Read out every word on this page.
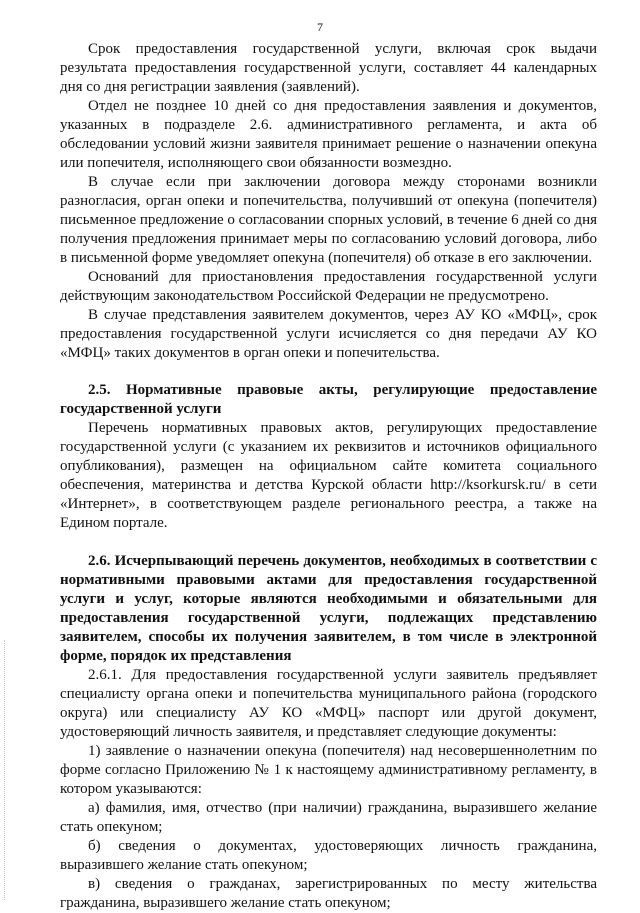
7

Срок предоставления государственной услуги, включая срок выдачи результата предоставления государственной услуги, составляет 44 календарных дня со дня регистрации заявления (заявлений).

Отдел не позднее 10 дней со дня предоставления заявления и документов, указанных в подразделе 2.6. административного регламента, и акта об обследовании условий жизни заявителя принимает решение о назначении опекуна или попечителя, исполняющего свои обязанности возмездно.

В случае если при заключении договора между сторонами возникли разногласия, орган опеки и попечительства, получивший от опекуна (попечителя) письменное предложение о согласовании спорных условий, в течение 6 дней со дня получения предложения принимает меры по согласованию условий договора, либо в письменной форме уведомляет опекуна (попечителя) об отказе в его заключении.

Оснований для приостановления предоставления государственной услуги действующим законодательством Российской Федерации не предусмотрено.

В случае представления заявителем документов, через АУ КО «МФЦ», срок предоставления государственной услуги исчисляется со дня передачи АУ КО «МФЦ» таких документов в орган опеки и попечительства.

2.5. Нормативные правовые акты, регулирующие предоставление государственной услуги

Перечень нормативных правовых актов, регулирующих предоставление государственной услуги (с указанием их реквизитов и источников официального опубликования), размещен на официальном сайте комитета социального обеспечения, материнства и детства Курской области http://ksorkursk.ru/ в сети «Интернет», в соответствующем разделе регионального реестра, а также на Едином портале.

2.6. Исчерпывающий перечень документов, необходимых в соответствии с нормативными правовыми актами для предоставления государственной услуги и услуг, которые являются необходимыми и обязательными для предоставления государственной услуги, подлежащих представлению заявителем, способы их получения заявителем, в том числе в электронной форме, порядок их представления

2.6.1. Для предоставления государственной услуги заявитель предъявляет специалисту органа опеки и попечительства муниципального района (городского округа) или специалисту АУ КО «МФЦ» паспорт или другой документ, удостоверяющий личность заявителя, и представляет следующие документы:

1) заявление о назначении опекуна (попечителя) над несовершеннолетним по форме согласно Приложению № 1 к настоящему административному регламенту, в котором указываются:

а) фамилия, имя, отчество (при наличии) гражданина, выразившего желание стать опекуном;

б) сведения о документах, удостоверяющих личность гражданина, выразившего желание стать опекуном;

в) сведения о гражданах, зарегистрированных по месту жительства гражданина, выразившего желание стать опекуном;
